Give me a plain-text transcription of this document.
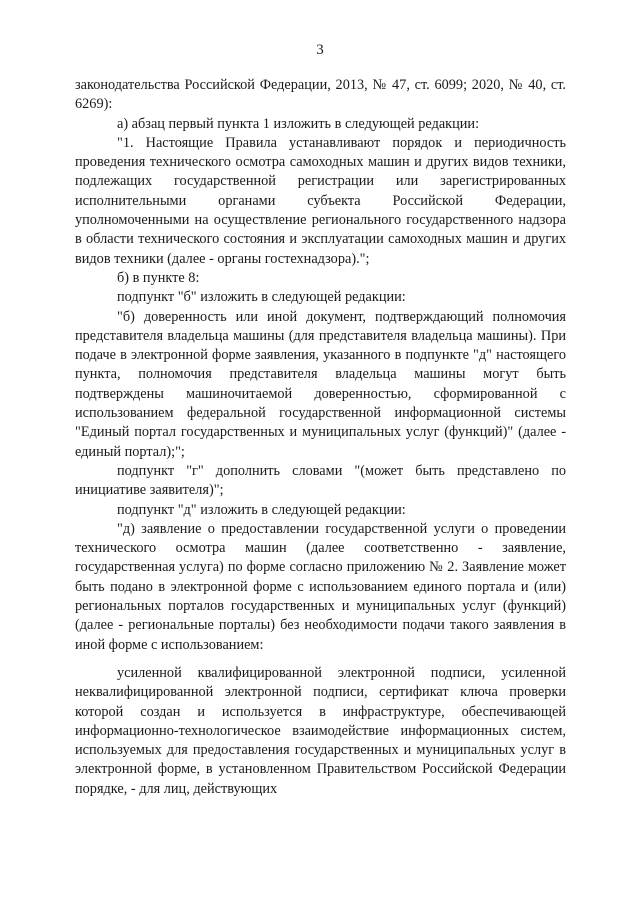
3

законодательства Российской Федерации, 2013, № 47, ст. 6099; 2020, № 40, ст. 6269):

а) абзац первый пункта 1 изложить в следующей редакции:

"1. Настоящие Правила устанавливают порядок и периодичность проведения технического осмотра самоходных машин и других видов техники, подлежащих государственной регистрации или зарегистрированных исполнительными органами субъекта Российской Федерации, уполномоченными на осуществление регионального государственного надзора в области технического состояния и эксплуатации самоходных машин и других видов техники (далее - органы гостехнадзора).";

б) в пункте 8:

подпункт "б" изложить в следующей редакции:

"б) доверенность или иной документ, подтверждающий полномочия представителя владельца машины (для представителя владельца машины). При подаче в электронной форме заявления, указанного в подпункте "д" настоящего пункта, полномочия представителя владельца машины могут быть подтверждены машиночитаемой доверенностью, сформированной с использованием федеральной государственной информационной системы "Единый портал государственных и муниципальных услуг (функций)" (далее - единый портал);";

подпункт "г" дополнить словами "(может быть представлено по инициативе заявителя)";

подпункт "д" изложить в следующей редакции:

"д) заявление о предоставлении государственной услуги о проведении технического осмотра машин (далее соответственно - заявление, государственная услуга) по форме согласно приложению № 2. Заявление может быть подано в электронной форме с использованием единого портала и (или) региональных порталов государственных и муниципальных услуг (функций) (далее - региональные порталы) без необходимости подачи такого заявления в иной форме с использованием:

усиленной квалифицированной электронной подписи, усиленной неквалифицированной электронной подписи, сертификат ключа проверки которой создан и используется в инфраструктуре, обеспечивающей информационно-технологическое взаимодействие информационных систем, используемых для предоставления государственных и муниципальных услуг в электронной форме, в установленном Правительством Российской Федерации порядке, - для лиц, действующих
